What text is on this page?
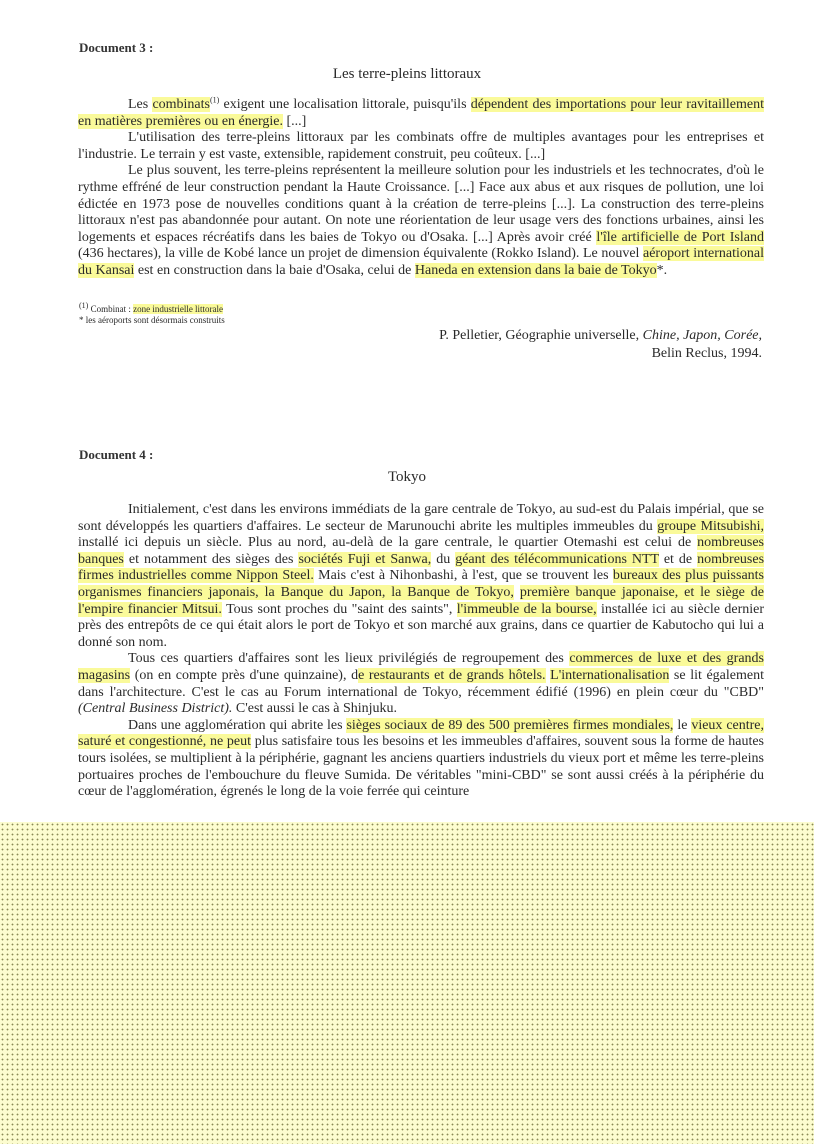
Document 3 :
Les terre-pleins littoraux

Les combinats$^{(1)}$ exigent une localisation littorale, puisqu'ils dépendent des importations pour leur ravitaillement en matières premières ou en énergie. [...]

L'utilisation des terre-pleins littoraux par les combinats offre de multiples avantages pour les entreprises et l'industrie. Le terrain y est vaste, extensible, rapidement construit, peu coûteux. [...]

Le plus souvent, les terre-pleins représentent la meilleure solution pour les industriels et les technocrates, d'où le rythme effréné de leur construction pendant la Haute Croissance. [...] Face aux abus et aux risques de pollution, une loi édictée en 1973 pose de nouvelles conditions quant à la création de terre-pleins [...]. La construction des terre-pleins littoraux n'est pas abandonnée pour autant. On note une réorientation de leur usage vers des fonctions urbaines, ainsi les logements et espaces récréatifs dans les baies de Tokyo ou d'Osaka. [...] Après avoir créé l'île artificielle de Port Island (436 hectares), la ville de Kobé lance un projet de dimension équivalente (Rokko Island). Le nouvel aéroport international du Kansai est en construction dans la baie d'Osaka, celui de Haneda en extension dans la baie de Tokyo*.

$^{(1)}$ Combinat : zone industrielle littorale
* les aéroports sont désormais construits
P. Pelletier, Géographie universelle, Chine, Japon, Corée,
Belin Reclus, 1994.
Document 4 :
Tokyo

Initialement, c'est dans les environs immédiats de la gare centrale de Tokyo, au sud-est du Palais impérial, que se sont développés les quartiers d'affaires. Le secteur de Marunouchi abrite les multiples immeubles du groupe Mitsubishi, installé ici depuis un siècle. Plus au nord, au-delà de la gare centrale, le quartier Otemashi est celui de nombreuses banques et notamment des sièges des sociétés Fuji et Sanwa, du géant des télécommunications NTT et de nombreuses firmes industrielles comme Nippon Steel. Mais c'est à Nihonbashi, à l'est, que se trouvent les bureaux des plus puissants organismes financiers japonais, la Banque du Japon, la Banque de Tokyo, première banque japonaise, et le siège de l'empire financier Mitsui. Tous sont proches du "saint des saints", l'immeuble de la bourse, installée ici au siècle dernier près des entrepôts de ce qui était alors le port de Tokyo et son marché aux grains, dans ce quartier de Kabutocho qui lui a donné son nom.

Tous ces quartiers d'affaires sont les lieux privilégiés de regroupement des commerces de luxe et des grands magasins (on en compte près d'une quinzaine), de restaurants et de grands hôtels. L'internationalisation se lit également dans l'architecture. C'est le cas au Forum international de Tokyo, récemment édifié (1996) en plein cœur du "CBD" (Central Business District). C'est aussi le cas à Shinjuku.

Dans une agglomération qui abrite les sièges sociaux de 89 des 500 premières firmes mondiales, le vieux centre, saturé et congestionné, ne peut plus satisfaire tous les besoins et les immeubles d'affaires, souvent sous la forme de hautes tours isolées, se multiplient à la périphérie, gagnant les anciens quartiers industriels du vieux port et même les terre-pleins portuaires proches de l'embouchure du fleuve Sumida. De véritables "mini-CBD" se sont aussi créés à la périphérie du cœur de l'agglomération, égrenés le long de la voie ferrée qui ceinture
